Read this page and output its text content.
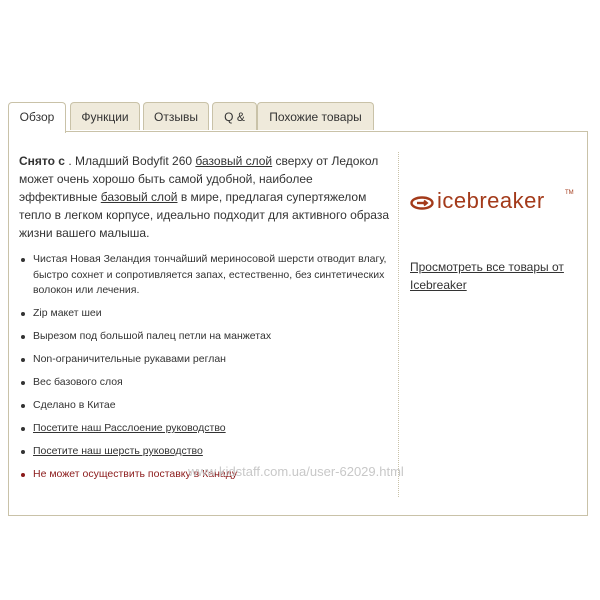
Обзор	Функции	Отзывы	Q &	Похожие товары
Снято с . Младший Bodyfit 260 базовый слой сверху от Ледокол может очень хорошо быть самой удобной, наиболее эффективные базовый слой в мире, предлагая супертяжелом тепло в легком корпусе, идеально подходит для активного образа жизни вашего малыша.
Чистая Новая Зеландия тончайший мериносовой шерсти отводит влагу, быстро сохнет и сопротивляется запах, естественно, без синтетических волокон или лечения.
Zip макет шеи
Вырезом под большой палец петли на манжетах
Non-ограничительные рукавами реглан
Вес базового слоя
Сделано в Китае
Посетите наш Расслоение руководство
Посетите наш шерсть руководство
Не может осуществить поставку в Канаду
icebreaker	TM
Просмотреть все товары от Icebreaker
www.kidstaff.com.ua/user-62029.html
